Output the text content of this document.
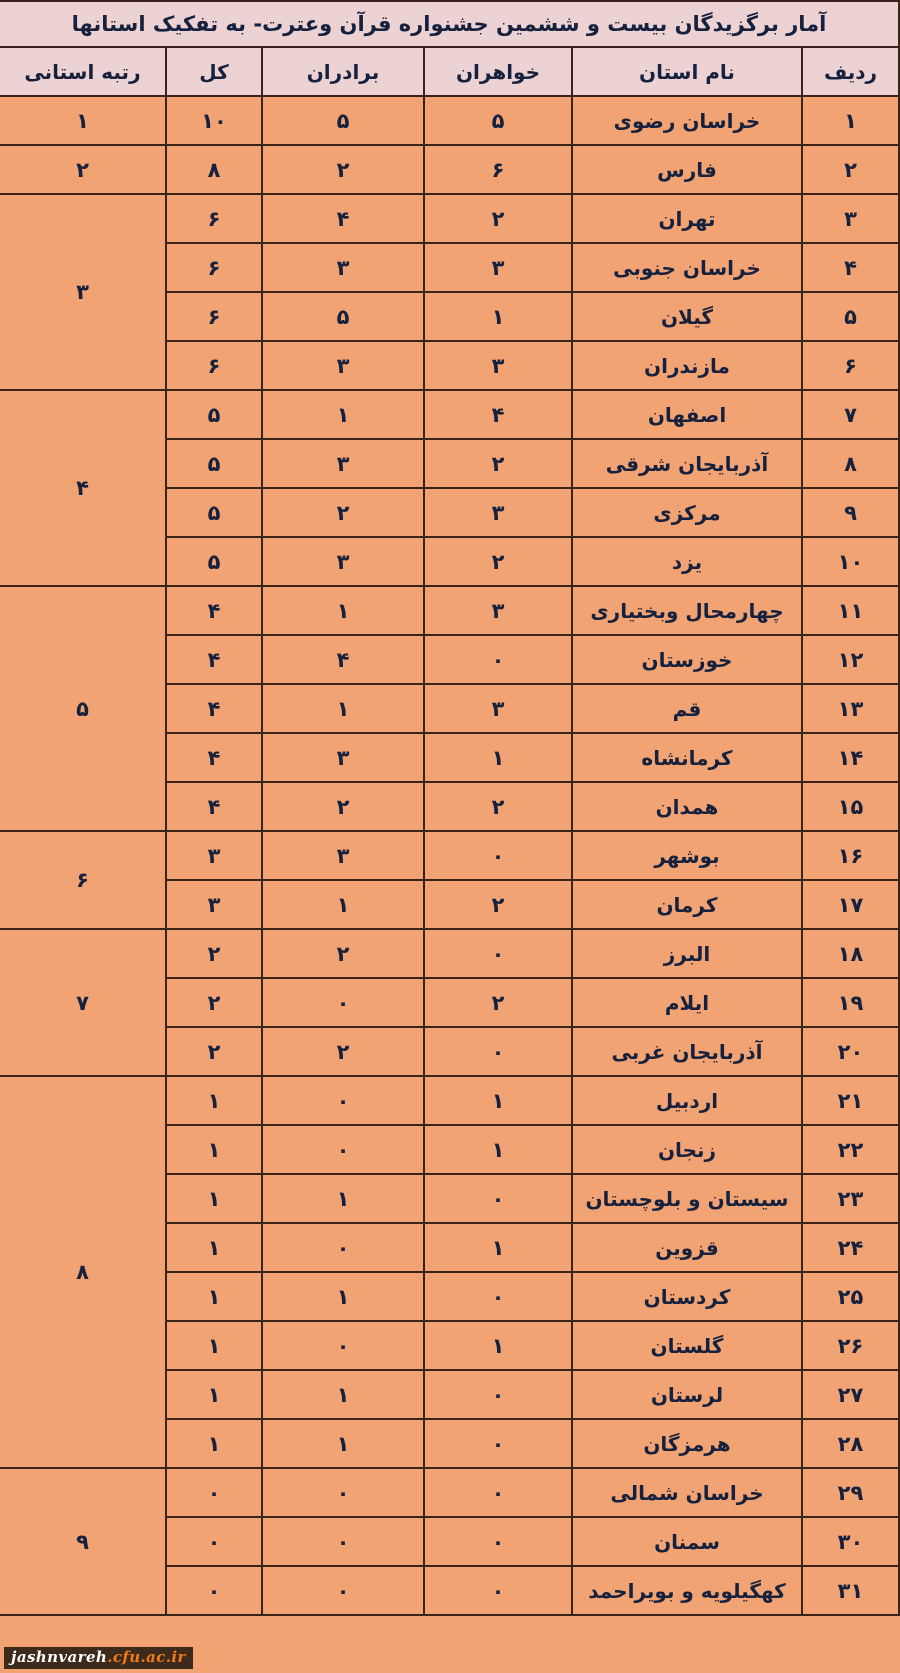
آمار برگزیدگان بیست و ششمین جشنواره قرآن وعترت- به تفکیک استانها					
ردیف	نام استان	خواهران	برادران	کل	رتبه استانی
۱	خراسان رضوی	۵	۵	۱۰	۱
۲	فارس	۶	۲	۸	۲
۳	تهران	۲	۴	۶	۳
۴	خراسان جنوبی	۳	۳	۶	
۵	گیلان	۱	۵	۶	
۶	مازندران	۳	۳	۶	
۷	اصفهان	۴	۱	۵	۴
۸	آذربایجان شرقی	۲	۳	۵	
۹	مرکزی	۳	۲	۵	
۱۰	یزد	۲	۳	۵	
۱۱	چهارمحال وبختیاری	۳	۱	۴	۵
۱۲	خوزستان	۰	۴	۴	
۱۳	قم	۳	۱	۴	
۱۴	کرمانشاه	۱	۳	۴	
۱۵	همدان	۲	۲	۴	
۱۶	بوشهر	۰	۳	۳	۶
۱۷	کرمان	۲	۱	۳	
۱۸	البرز	۰	۲	۲	۷
۱۹	ایلام	۲	۰	۲	
۲۰	آذربایجان غربی	۰	۲	۲	
۲۱	اردبیل	۱	۰	۱	۸
۲۲	زنجان	۱	۰	۱	
۲۳	سیستان و بلوچستان	۰	۱	۱	
۲۴	قزوین	۱	۰	۱	
۲۵	کردستان	۰	۱	۱	
۲۶	گلستان	۱	۰	۱	
۲۷	لرستان	۰	۱	۱	
۲۸	هرمزگان	۰	۱	۱	
۲۹	خراسان شمالی	۰	۰	۰	۹
۳۰	سمنان	۰	۰	۰	
۳۱	کهگیلویه و بویراحمد	۰	۰	۰	
jashnvareh.cfu.ac.ir
